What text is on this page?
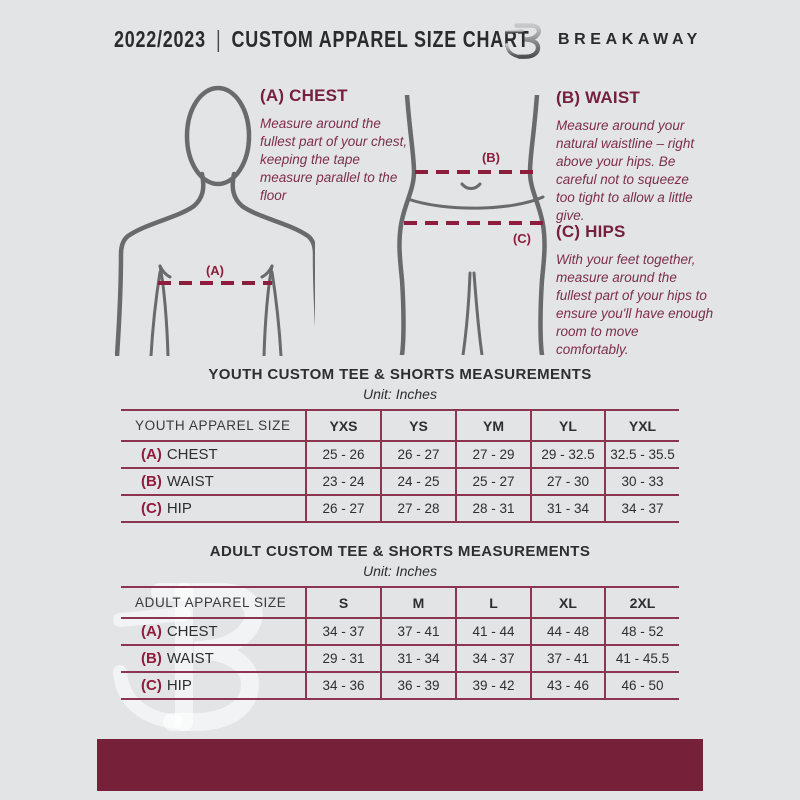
2022/2023 | CUSTOM APPAREL SIZE CHART BREAKAWAY
(A)
(B)
(C)
(A) CHEST

Measure around the fullest part of your chest, keeping the tape measure parallel to the floor

(B) WAIST

Measure around your natural waistline – right above your hips. Be careful not to squeeze too tight to allow a little give.

(C) HIPS

With your feet together, measure around the fullest part of your hips to ensure you'll have enough room to move comfortably.

YOUTH CUSTOM TEE & SHORTS MEASUREMENTS
Unit: Inches
YOUTH APPAREL SIZE	YXS	YS	YM	YL	YXL
(A) CHEST	25 - 26	26 - 27	27 - 29	29 - 32.5	32.5 - 35.5
(B) WAIST	23 - 24	24 - 25	25 - 27	27 - 30	30 - 33
(C) HIP	26 - 27	27 - 28	28 - 31	31 - 34	34 - 37
ADULT CUSTOM TEE & SHORTS MEASUREMENTS
Unit: Inches
ADULT APPAREL SIZE	S	M	L	XL	2XL
(A) CHEST	34 - 37	37 - 41	41 - 44	44 - 48	48 - 52
(B) WAIST	29 - 31	31 - 34	34 - 37	37 - 41	41 - 45.5
(C) HIP	34 - 36	36 - 39	39 - 42	43 - 46	46 - 50
